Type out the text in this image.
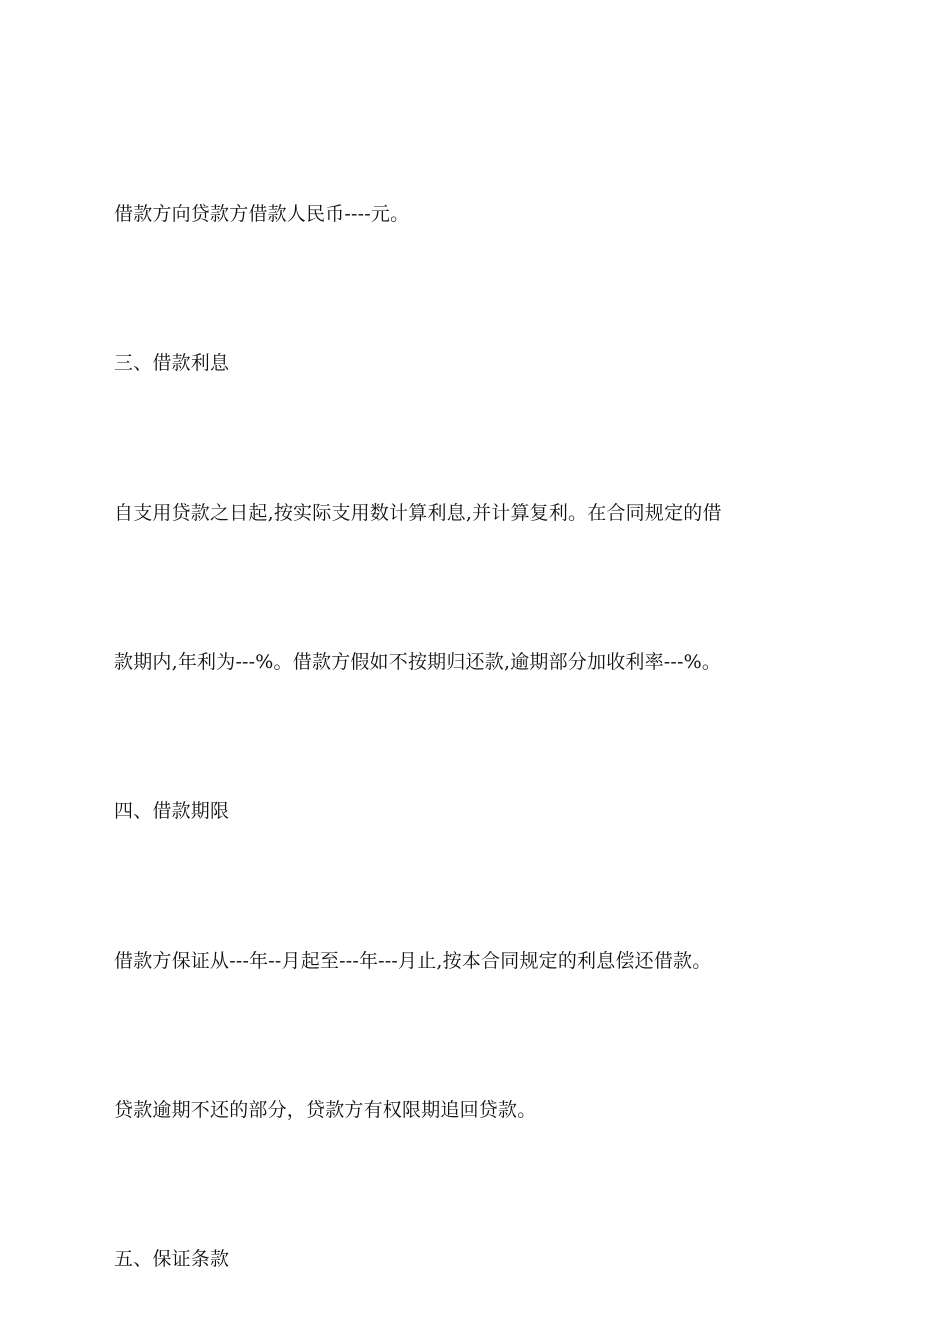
借款方向贷款方借款人民币----元。
三、借款利息
自支用贷款之日起,按实际支用数计算利息,并计算复利。在合同规定的借
款期内,年利为---%。借款方假如不按期归还款,逾期部分加收利率---%。
四、借款期限
借款方保证从---年--月起至---年---月止,按本合同规定的利息偿还借款。
贷款逾期不还的部分，贷款方有权限期追回贷款。
五、保证条款
